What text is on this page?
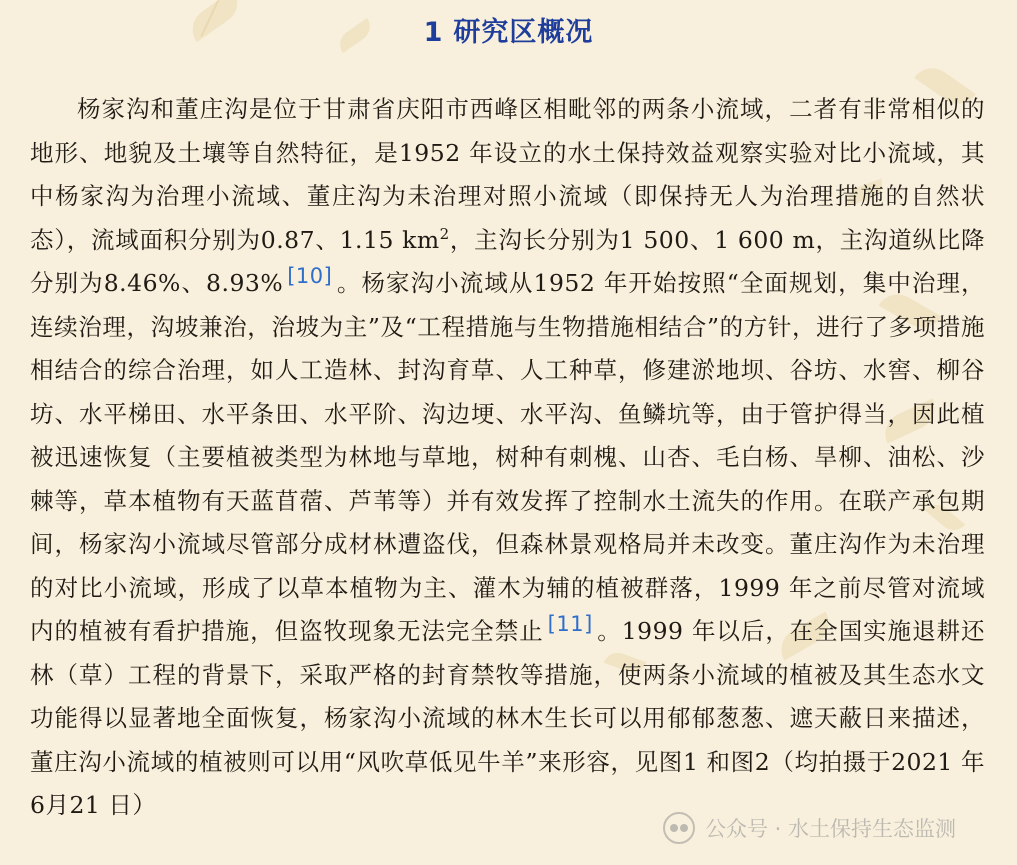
1 研究区概况

杨家沟和董庄沟是位于甘肃省庆阳市西峰区相毗邻的两条小流域，二者有非常相似的地形、地貌及土壤等自然特征，是1952 年设立的水土保持效益观察实验对比小流域，其中杨家沟为治理小流域、董庄沟为未治理对照小流域（即保持无人为治理措施的自然状态），流域面积分别为0.87、1.15 $km^2$，主沟长分别为1 500、1 600 m，主沟道纵比降分别为8.46%、8.93% [10] 。杨家沟小流域从1952 年开始按照“全面规划，集中治理，连续治理，沟坡兼治，治坡为主”及“工程措施与生物措施相结合”的方针，进行了多项措施相结合的综合治理，如人工造林、封沟育草、人工种草，修建淤地坝、谷坊、水窖、柳谷坊、水平梯田、水平条田、水平阶、沟边埂、水平沟、鱼鳞坑等，由于管护得当，因此植被迅速恢复（主要植被类型为林地与草地，树种有刺槐、山杏、毛白杨、旱柳、油松、沙棘等，草本植物有天蓝苜蓿、芦苇等）并有效发挥了控制水土流失的作用。在联产承包期间，杨家沟小流域尽管部分成材林遭盗伐，但森林景观格局并未改变。董庄沟作为未治理的对比小流域，形成了以草本植物为主、灌木为辅的植被群落，1999 年之前尽管对流域内的植被有看护措施，但盗牧现象无法完全禁止 [11] 。1999 年以后，在全国实施退耕还林（草）工程的背景下，采取严格的封育禁牧等措施，使两条小流域的植被及其生态水文功能得以显著地全面恢复，杨家沟小流域的林木生长可以用郁郁葱葱、遮天蔽日来描述，董庄沟小流域的植被则可以用“风吹草低见牛羊”来形容，见图1 和图2（均拍摄于2021 年6月21 日）

公众号 · 水土保持生态监测
